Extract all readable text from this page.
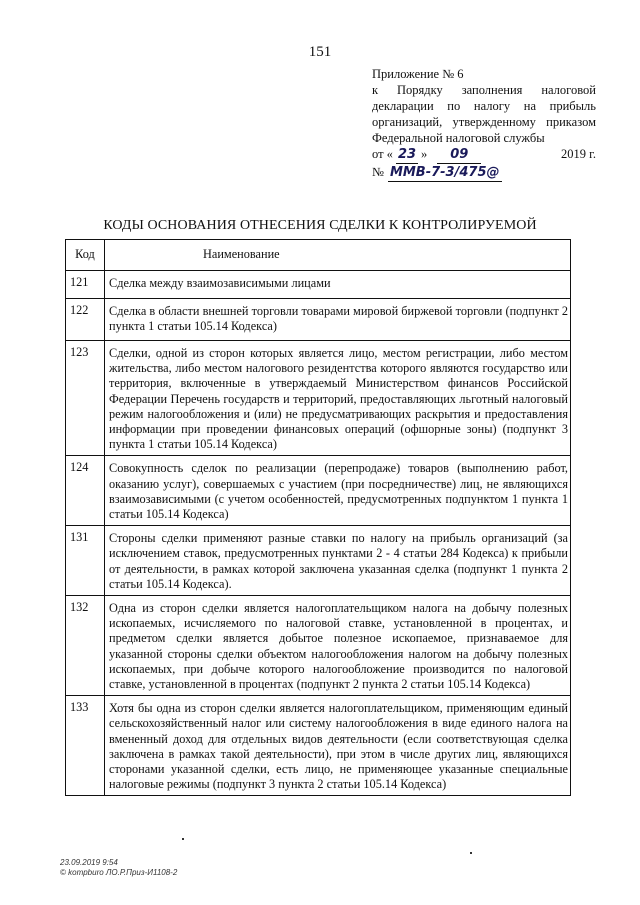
151
Приложение № 6
к Порядку заполнения налоговой
декларации по налогу на прибыль
организаций, утвержденному приказом
Федеральной налоговой службы
от « 23 »	09	2019 г.
№ ММВ-7-3/475@
КОДЫ ОСНОВАНИЯ ОТНЕСЕНИЯ СДЕЛКИ К КОНТРОЛИРУЕМОЙ
Код	Наименование
121	Сделка между взаимозависимыми лицами
122	Сделка в области внешней торговли товарами мировой биржевой торговли (подпункт 2 пункта 1 статьи 105.14 Кодекса)
123	Сделки, одной из сторон которых является лицо, местом регистрации, либо местом жительства, либо местом налогового резидентства которого являются государство или территория, включенные в утверждаемый Министерством финансов Российской Федерации Перечень государств и территорий, предоставляющих льготный налоговый режим налогообложения и (или) не предусматривающих раскрытия и предоставления информации при проведении финансовых операций (офшорные зоны) (подпункт 3 пункта 1 статьи 105.14 Кодекса)
124	Совокупность сделок по реализации (перепродаже) товаров (выполнению работ, оказанию услуг), совершаемых с участием (при посредничестве) лиц, не являющихся взаимозависимыми (с учетом особенностей, предусмотренных подпунктом 1 пункта 1 статьи 105.14 Кодекса)
131	Стороны сделки применяют разные ставки по налогу на прибыль организаций (за исключением ставок, предусмотренных пунктами 2 - 4 статьи 284 Кодекса) к прибыли от деятельности, в рамках которой заключена указанная сделка (подпункт 1 пункта 2 статьи 105.14 Кодекса).
132	Одна из сторон сделки является налогоплательщиком налога на добычу полезных ископаемых, исчисляемого по налоговой ставке, установленной в процентах, и предметом сделки является добытое полезное ископаемое, признаваемое для указанной стороны сделки объектом налогообложения налогом на добычу полезных ископаемых, при добыче которого налогообложение производится по налоговой ставке, установленной в процентах (подпункт 2 пункта 2 статьи 105.14 Кодекса)
133	Хотя бы одна из сторон сделки является налогоплательщиком, применяющим единый сельскохозяйственный налог или систему налогообложения в виде единого налога на вмененный доход для отдельных видов деятельности (если соответствующая сделка заключена в рамках такой деятельности), при этом в числе других лиц, являющихся сторонами указанной сделки, есть лицо, не применяющее указанные специальные налоговые режимы (подпункт 3 пункта 2 статьи 105.14 Кодекса)
23.09.2019 9:54
© kompburo ЛО.Р.Приз-И1108-2
